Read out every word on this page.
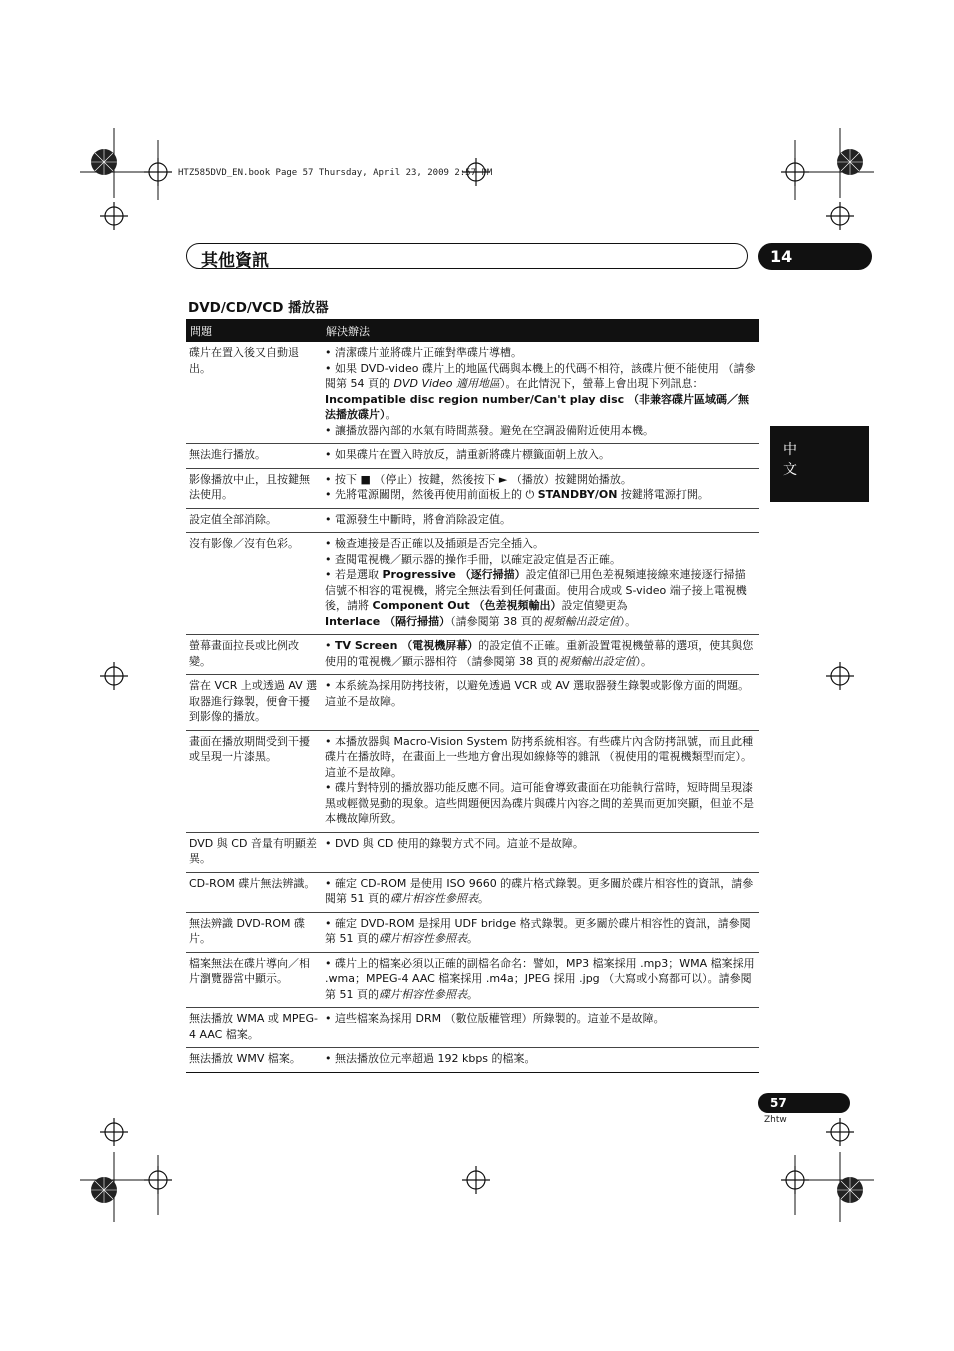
HTZ585DVD_EN.book Page 57 Thursday, April 23, 2009 2:57 PM
其他資訊	14
DVD/CD/VCD 播放器
中
文
問題	解決辦法
碟片在置入後又自動退出。	• 清潔碟片並將碟片正確對準碟片導槽。

• 如果 DVD-video 碟片上的地區代碼與本機上的代碼不相符，該碟片便不能使用 （請參閱第 54 頁的 DVD Video 適用地區）。在此情況下，螢幕上會出現下列訊息：Incompatible disc region number/Can't play disc （非兼容碟片區域碼／無法播放碟片）。

• 讓播放器內部的水氣有時間蒸發。避免在空調設備附近使用本機。

無法進行播放。	• 如果碟片在置入時放反，請重新將碟片標籤面朝上放入。

影像播放中止，且按鍵無法使用。	• 按下 ■ （停止）按鍵，然後按下 ► （播放）按鍵開始播放。

• 先將電源關閉，然後再使用前面板上的 ⏻ STANDBY/ON 按鍵將電源打開。

設定值全部消除。	• 電源發生中斷時，將會消除設定值。

沒有影像／沒有色彩。	• 檢查連接是否正確以及插頭是否完全插入。

• 查閱電視機／顯示器的操作手冊，以確定設定值是否正確。

• 若是選取 Progressive （逐行掃描）設定值卻已用色差視頻連接線來連接逐行掃描信號不相容的電視機，將完全無法看到任何畫面。使用合成或 S-video 端子接上電視機後，請將 Component Out （色差視頻輸出）設定值變更為 Interlace （隔行掃描）（請參閱第 38 頁的視頻輸出設定值）。

螢幕畫面拉長或比例改變。	• TV Screen （電視機屏幕）的設定值不正確。重新設置電視機螢幕的選項，使其與您使用的電視機／顯示器相符 （請參閱第 38 頁的視頻輸出設定值）。

當在 VCR 上或透過 AV 選取器進行錄製，便會干擾到影像的播放。	• 本系統為採用防拷技術，以避免透過 VCR 或 AV 選取器發生錄製或影像方面的問題。這並不是故障。

畫面在播放期間受到干擾或呈現一片漆黑。	• 本播放器與 Macro-Vision System 防拷系統相容。有些碟片內含防拷訊號，而且此種碟片在播放時，在畫面上一些地方會出現如線條等的雜訊 （視使用的電視機類型而定）。這並不是故障。

• 碟片對特別的播放器功能反應不同。這可能會導致畫面在功能執行當時，短時間呈現漆黑或輕微晃動的現象。這些問題便因為碟片與碟片內容之間的差異而更加突顯，但並不是本機故障所致。

DVD 與 CD 音量有明顯差異。	• DVD 與 CD 使用的錄製方式不同。這並不是故障。

CD-ROM 碟片無法辨識。	• 確定 CD-ROM 是使用 ISO 9660 的碟片格式錄製。更多關於碟片相容性的資訊，請參閱第 51 頁的碟片相容性參照表。

無法辨識 DVD-ROM 碟片。	• 確定 DVD-ROM 是採用 UDF bridge 格式錄製。更多關於碟片相容性的資訊，請參閱第 51 頁的碟片相容性參照表。

檔案無法在碟片導向／相片瀏覽器當中顯示。	• 碟片上的檔案必須以正確的副檔名命名：譬如，MP3 檔案採用 .mp3；WMA 檔案採用 .wma；MPEG-4 AAC 檔案採用 .m4a；JPEG 採用 .jpg （大寫或小寫都可以）。請參閱第 51 頁的碟片相容性參照表。

無法播放 WMA 或 MPEG-4 AAC 檔案。	• 這些檔案為採用 DRM （數位版權管理）所錄製的。這並不是故障。

無法播放 WMV 檔案。	• 無法播放位元率超過 192 kbps 的檔案。

57
Zhtw
